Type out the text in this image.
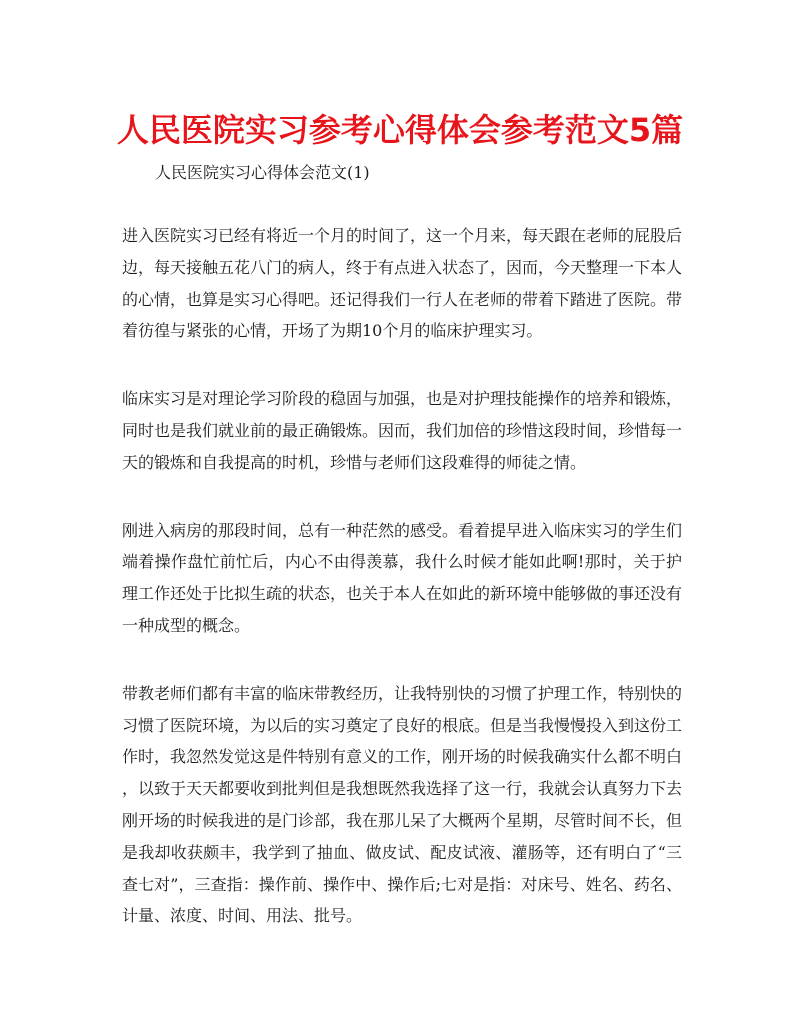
人民医院实习参考心得体会参考范文5篇

人民医院实习心得体会范文(1)

进入医院实习已经有将近一个月的时间了，这一个月来，每天跟在老师的屁股后
边，每天接触五花八门的病人，终于有点进入状态了，因而，今天整理一下本人
的心情，也算是实习心得吧。还记得我们一行人在老师的带着下踏进了医院。带
着彷徨与紧张的心情，开场了为期10个月的临床护理实习。

临床实习是对理论学习阶段的稳固与加强，也是对护理技能操作的培养和锻炼，
同时也是我们就业前的最正确锻炼。因而，我们加倍的珍惜这段时间，珍惜每一
天的锻炼和自我提高的时机，珍惜与老师们这段难得的师徒之情。

刚进入病房的那段时间，总有一种茫然的感受。看着提早进入临床实习的学生们
端着操作盘忙前忙后，内心不由得羡慕，我什么时候才能如此啊!那时，关于护
理工作还处于比拟生疏的状态，也关于本人在如此的新环境中能够做的事还没有
一种成型的概念。

带教老师们都有丰富的临床带教经历，让我特别快的习惯了护理工作，特别快的
习惯了医院环境，为以后的实习奠定了良好的根底。但是当我慢慢投入到这份工
作时，我忽然发觉这是件特别有意义的工作，刚开场的时候我确实什么都不明白
，以致于天天都要收到批判但是我想既然我选择了这一行，我就会认真努力下去
刚开场的时候我进的是门诊部，我在那儿呆了大概两个星期，尽管时间不长，但
是我却收获颇丰，我学到了抽血、做皮试、配皮试液、灌肠等，还有明白了“三
查七对”，三查指：操作前、操作中、操作后;七对是指：对床号、姓名、药名、
计量、浓度、时间、用法、批号。
